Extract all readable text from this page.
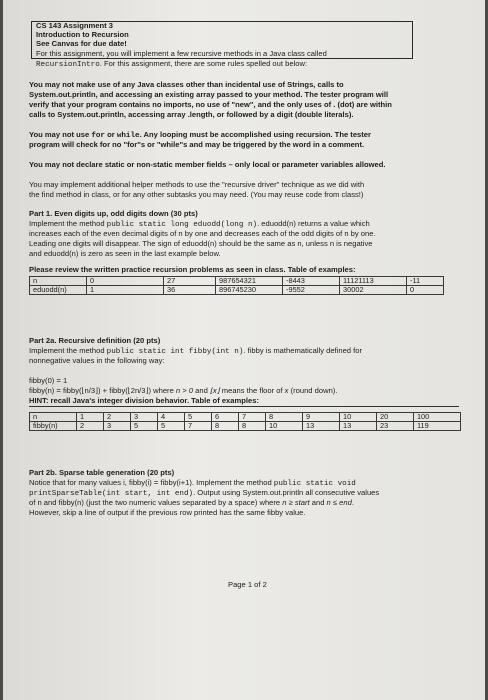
CS 143 Assignment 3
Introduction to Recursion
See Canvas for due date!
For this assignment, you will implement a few recursive methods in a Java class called
RecursionIntro. For this assignment, there are some rules spelled out below:
You may not make use of any Java classes other than incidental use of Strings, calls to
System.out.println, and accessing an existing array passed to your method. The tester program will
verify that your program contains no imports, no use of "new", and the only uses of . (dot) are within
calls to System.out.println, accessing array .length, or followed by a digit (double literals).
You may not use for or while. Any looping must be accomplished using recursion. The tester
program will check for no "for"s or "while"s and may be triggered by the word in a comment.
You may not declare static or non-static member fields – only local or parameter variables allowed.
You may implement additional helper methods to use the "recursive driver" technique as we did with
the find method in class, or for any other subtasks you may need. (You may reuse code from class!)
Part 1. Even digits up, odd digits down (30 pts)
Implement the method public static long eduodd(long n). eduodd(n) returns a value which
increases each of the even decimal digits of n by one and decreases each of the odd digits of n by one.
Leading one digits will disappear. The sign of eduodd(n) should be the same as n, unless n is negative
and eduodd(n) is zero as seen in the last example below.
Please review the written practice recursion problems as seen in class. Table of examples:
n	0	27	987654321	-8443	11121113	-11
eduodd(n)	1	36	896745230	-9552	30002	0
Part 2a. Recursive definition (20 pts)
Implement the method public static int fibby(int n). fibby is mathematically defined for
nonnegative values in the following way:
fibby(0) = 1
fibby(n) = fibby(⌊n/3⌋) + fibby(⌊2n/3⌋) where n > 0 and ⌊x⌋ means the floor of x (round down).
HINT: recall Java's integer division behavior. Table of examples:
n	1	2	3	4	5	6	7	8	9	10	20	100
fibby(n)	2	3	5	5	7	8	8	10	13	13	23	119
Part 2b. Sparse table generation (20 pts)
Notice that for many values i, fibby(i) = fibby(i+1). Implement the method public static void
printSparseTable(int start, int end). Output using System.out.println all consecutive values
of n and fibby(n) (just the two numeric values separated by a space) where n ≥ start and n ≤ end.
However, skip a line of output if the previous row printed has the same fibby value.
Page 1 of 2
